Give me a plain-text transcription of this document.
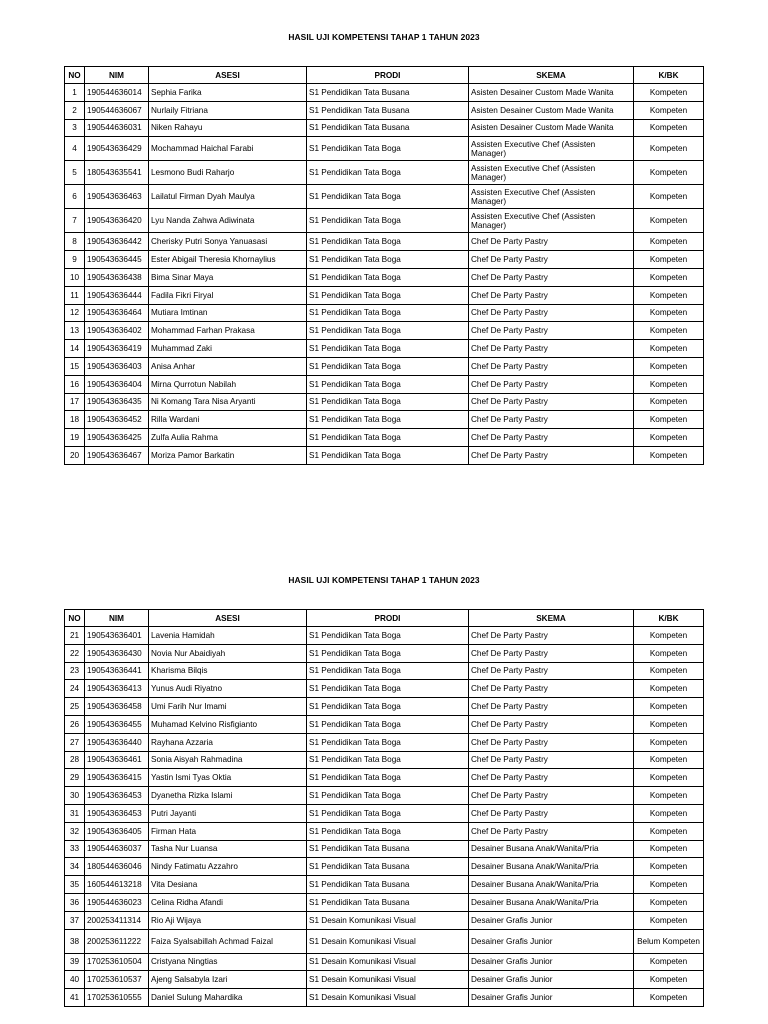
HASIL UJI KOMPETENSI TAHAP 1 TAHUN 2023
NO	NIM	ASESI	PRODI	SKEMA	K/BK
1	190544636014	Sephia Farika	S1 Pendidikan Tata Busana	Asisten Desainer Custom Made Wanita	Kompeten
2	190544636067	Nurlaily Fitriana	S1 Pendidikan Tata Busana	Asisten Desainer Custom Made Wanita	Kompeten
3	190544636031	Niken Rahayu	S1 Pendidikan Tata Busana	Asisten Desainer Custom Made Wanita	Kompeten
4	190543636429	Mochammad Haichal Farabi	S1 Pendidikan Tata Boga	Assisten Executive Chef (Assisten Manager)	Kompeten
5	180543635541	Lesmono Budi Raharjo	S1 Pendidikan Tata Boga	Assisten Executive Chef (Assisten Manager)	Kompeten
6	190543636463	Lailatul Firman Dyah Maulya	S1 Pendidikan Tata Boga	Assisten Executive Chef (Assisten Manager)	Kompeten
7	190543636420	Lyu Nanda Zahwa Adiwinata	S1 Pendidikan Tata Boga	Assisten Executive Chef (Assisten Manager)	Kompeten
8	190543636442	Cherisky Putri Sonya Yanuasasi	S1 Pendidikan Tata Boga	Chef De Party Pastry	Kompeten
9	190543636445	Ester Abigail Theresia Khornaylius	S1 Pendidikan Tata Boga	Chef De Party Pastry	Kompeten
10	190543636438	Bima Sinar Maya	S1 Pendidikan Tata Boga	Chef De Party Pastry	Kompeten
11	190543636444	Fadila Fikri Firyal	S1 Pendidikan Tata Boga	Chef De Party Pastry	Kompeten
12	190543636464	Mutiara Imtinan	S1 Pendidikan Tata Boga	Chef De Party Pastry	Kompeten
13	190543636402	Mohammad Farhan Prakasa	S1 Pendidikan Tata Boga	Chef De Party Pastry	Kompeten
14	190543636419	Muhammad Zaki	S1 Pendidikan Tata Boga	Chef De Party Pastry	Kompeten
15	190543636403	Anisa Anhar	S1 Pendidikan Tata Boga	Chef De Party Pastry	Kompeten
16	190543636404	Mirna Qurrotun Nabilah	S1 Pendidikan Tata Boga	Chef De Party Pastry	Kompeten
17	190543636435	Ni Komang Tara Nisa Aryanti	S1 Pendidikan Tata Boga	Chef De Party Pastry	Kompeten
18	190543636452	Rilla Wardani	S1 Pendidikan Tata Boga	Chef De Party Pastry	Kompeten
19	190543636425	Zulfa Aulia Rahma	S1 Pendidikan Tata Boga	Chef De Party Pastry	Kompeten
20	190543636467	Moriza Pamor Barkatin	S1 Pendidikan Tata Boga	Chef De Party Pastry	Kompeten
HASIL UJI KOMPETENSI TAHAP 1 TAHUN 2023
NO	NIM	ASESI	PRODI	SKEMA	K/BK
21	190543636401	Lavenia Hamidah	S1 Pendidikan Tata Boga	Chef De Party Pastry	Kompeten
22	190543636430	Novia Nur Abaidiyah	S1 Pendidikan Tata Boga	Chef De Party Pastry	Kompeten
23	190543636441	Kharisma Bilqis	S1 Pendidikan Tata Boga	Chef De Party Pastry	Kompeten
24	190543636413	Yunus Audi Riyatno	S1 Pendidikan Tata Boga	Chef De Party Pastry	Kompeten
25	190543636458	Umi Farih Nur Imami	S1 Pendidikan Tata Boga	Chef De Party Pastry	Kompeten
26	190543636455	Muhamad Kelvino Risfigianto	S1 Pendidikan Tata Boga	Chef De Party Pastry	Kompeten
27	190543636440	Rayhana Azzaria	S1 Pendidikan Tata Boga	Chef De Party Pastry	Kompeten
28	190543636461	Sonia Aisyah Rahmadina	S1 Pendidikan Tata Boga	Chef De Party Pastry	Kompeten
29	190543636415	Yastin Ismi Tyas Oktia	S1 Pendidikan Tata Boga	Chef De Party Pastry	Kompeten
30	190543636453	Dyanetha Rizka Islami	S1 Pendidikan Tata Boga	Chef De Party Pastry	Kompeten
31	190543636453	Putri Jayanti	S1 Pendidikan Tata Boga	Chef De Party Pastry	Kompeten
32	190543636405	Firman Hata	S1 Pendidikan Tata Boga	Chef De Party Pastry	Kompeten
33	190544636037	Tasha Nur Luansa	S1 Pendidikan Tata Busana	Desainer Busana Anak/Wanita/Pria	Kompeten
34	180544636046	Nindy Fatimatu Azzahro	S1 Pendidikan Tata Busana	Desainer Busana Anak/Wanita/Pria	Kompeten
35	160544613218	Vita Desiana	S1 Pendidikan Tata Busana	Desainer Busana Anak/Wanita/Pria	Kompeten
36	190544636023	Celina Ridha Afandi	S1 Pendidikan Tata Busana	Desainer Busana Anak/Wanita/Pria	Kompeten
37	200253411314	Rio Aji Wijaya	S1 Desain Komunikasi Visual	Desainer Grafis Junior	Kompeten
38	200253611222	Faiza Syalsabillah Achmad Faizal	S1 Desain Komunikasi Visual	Desainer Grafis Junior	Belum Kompeten
39	170253610504	Cristyana Ningtias	S1 Desain Komunikasi Visual	Desainer Grafis Junior	Kompeten
40	170253610537	Ajeng Salsabyla Izari	S1 Desain Komunikasi Visual	Desainer Grafis Junior	Kompeten
41	170253610555	Daniel Sulung Mahardika	S1 Desain Komunikasi Visual	Desainer Grafis Junior	Kompeten
